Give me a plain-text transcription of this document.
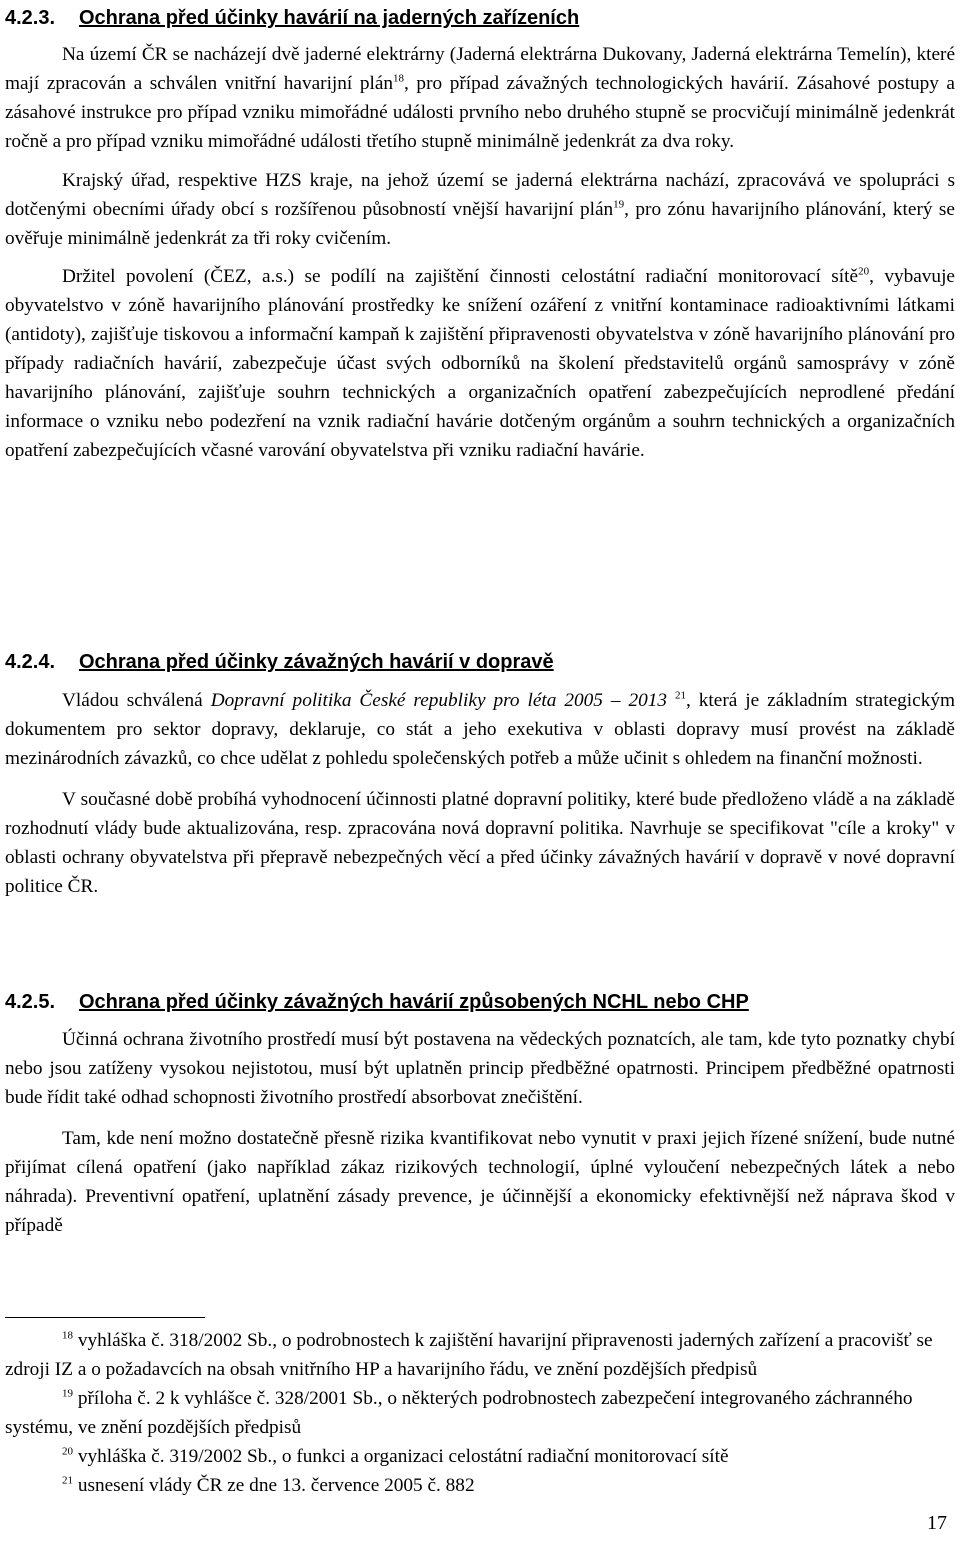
4.2.3. Ochrana před účinky havárií na jaderných zařízeních

Na území ČR se nacházejí dvě jaderné elektrárny (Jaderná elektrárna Dukovany, Jaderná elektrárna Temelín), které mají zpracován a schválen vnitřní havarijní plán$^{18}$, pro případ závažných technologických havárií. Zásahové postupy a zásahové instrukce pro případ vzniku mimořádné události prvního nebo druhého stupně se procvičují minimálně jedenkrát ročně a pro případ vzniku mimořádné události třetího stupně minimálně jedenkrát za dva roky.

Krajský úřad, respektive HZS kraje, na jehož území se jaderná elektrárna nachází, zpracovává ve spolupráci s dotčenými obecními úřady obcí s rozšířenou působností vnější havarijní plán$^{19}$, pro zónu havarijního plánování, který se ověřuje minimálně jedenkrát za tři roky cvičením.

Držitel povolení (ČEZ, a.s.) se podílí na zajištění činnosti celostátní radiační monitorovací sítě$^{20}$, vybavuje obyvatelstvo v zóně havarijního plánování prostředky ke snížení ozáření z vnitřní kontaminace radioaktivními látkami (antidoty), zajišťuje tiskovou a informační kampaň k zajištění připravenosti obyvatelstva v zóně havarijního plánování pro případy radiačních havárií, zabezpečuje účast svých odborníků na školení představitelů orgánů samosprávy v zóně havarijního plánování, zajišťuje souhrn technických a organizačních opatření zabezpečujících neprodlené předání informace o vzniku nebo podezření na vznik radiační havárie dotčeným orgánům a souhrn technických a organizačních opatření zabezpečujících včasné varování obyvatelstva při vzniku radiační havárie.

4.2.4. Ochrana před účinky závažných havárií v dopravě

Vládou schválená Dopravní politika České republiky pro léta 2005 – 2013 $^{21}$, která je základním strategickým dokumentem pro sektor dopravy, deklaruje, co stát a jeho exekutiva v oblasti dopravy musí provést na základě mezinárodních závazků, co chce udělat z pohledu společenských potřeb a může učinit s ohledem na finanční možnosti.

V současné době probíhá vyhodnocení účinnosti platné dopravní politiky, které bude předloženo vládě a na základě rozhodnutí vlády bude aktualizována, resp. zpracována nová dopravní politika. Navrhuje se specifikovat "cíle a kroky" v oblasti ochrany obyvatelstva při přepravě nebezpečných věcí a před účinky závažných havárií v dopravě v nové dopravní politice ČR.

4.2.5. Ochrana před účinky závažných havárií způsobených NCHL nebo CHP

Účinná ochrana životního prostředí musí být postavena na vědeckých poznatcích, ale tam, kde tyto poznatky chybí nebo jsou zatíženy vysokou nejistotou, musí být uplatněn princip předběžné opatrnosti. Principem předběžné opatrnosti bude řídit také odhad schopnosti životního prostředí absorbovat znečištění.

Tam, kde není možno dostatečně přesně rizika kvantifikovat nebo vynutit v praxi jejich řízené snížení, bude nutné přijímat cílená opatření (jako například zákaz rizikových technologií, úplné vyloučení nebezpečných látek a nebo náhrada). Preventivní opatření, uplatnění zásady prevence, je účinnější a ekonomicky efektivnější než náprava škod v případě

$^{18}$ vyhláška č. 318/2002 Sb., o podrobnostech k zajištění havarijní připravenosti jaderných zařízení a pracovišť se zdroji IZ a o požadavcích na obsah vnitřního HP a havarijního řádu, ve znění pozdějších předpisů

$^{19}$ příloha č. 2 k vyhlášce č. 328/2001 Sb., o některých podrobnostech zabezpečení integrovaného záchranného systému, ve znění pozdějších předpisů

$^{20}$ vyhláška č. 319/2002 Sb., o funkci a organizaci celostátní radiační monitorovací sítě

$^{21}$ usnesení vlády ČR ze dne 13. července 2005 č. 882

17
